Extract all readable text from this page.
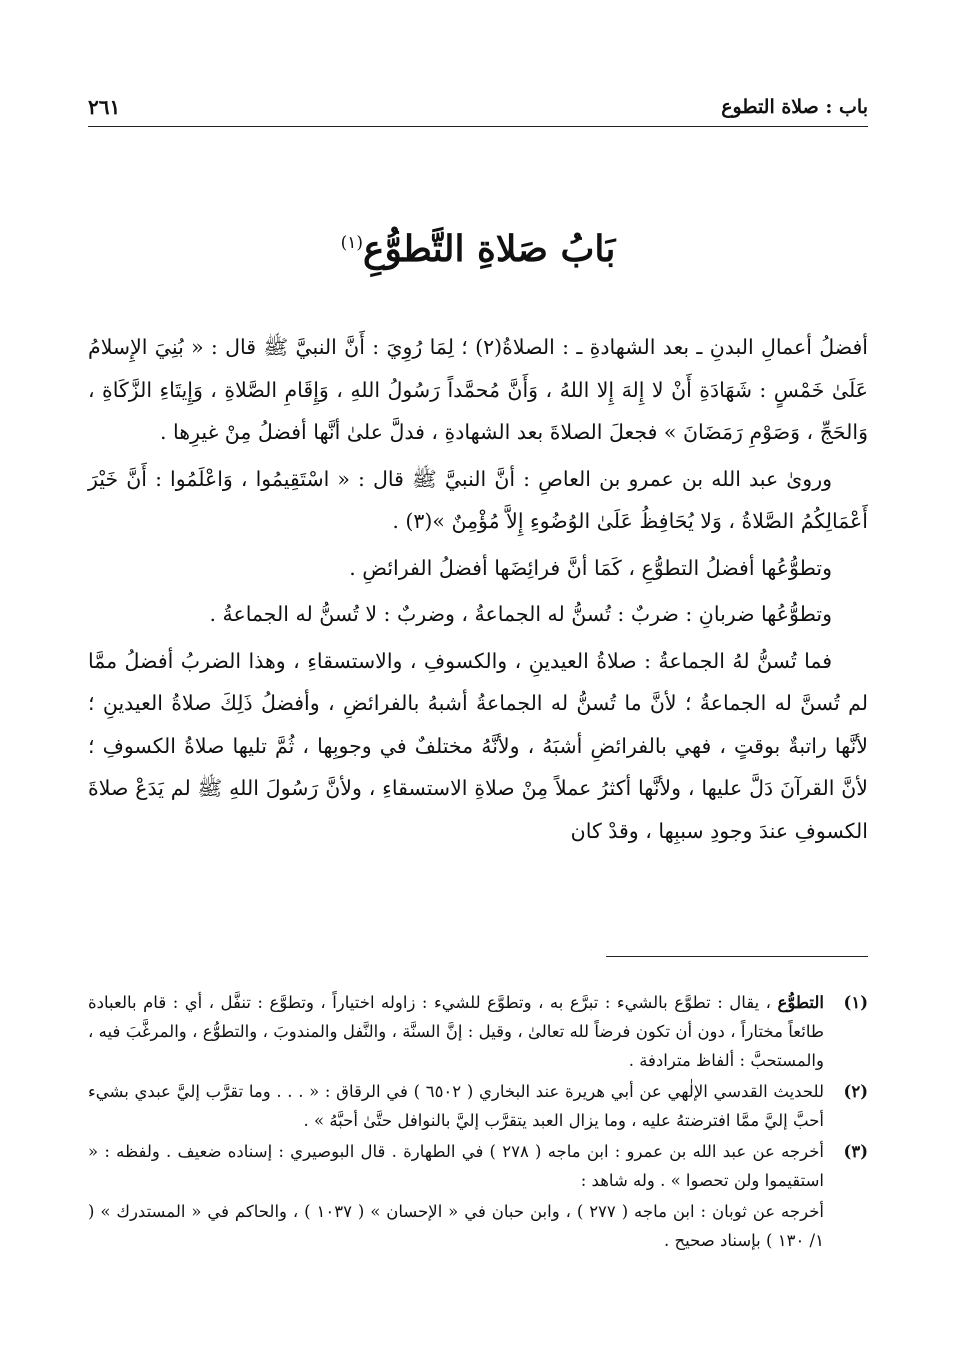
باب : صلاة التطوع
٢٦١
بَابُ صَلاةِ التَّطوُّعِ$^{(١)}$

أفضلُ أعمالِ البدنِ ـ بعد الشهادةِ ـ : الصلاةُ(٢) ؛ لِمَا رُوِيَ : أَنَّ النبيَّ ﷺ قال : « بُنِيَ الإِسلامُ عَلَىٰ خَمْسٍ : شَهَادَةِ أَنْ لا إِلهَ إِلا اللهُ ، وَأَنَّ مُحمَّداً رَسُولُ اللهِ ، وَإِقَامِ الصَّلاةِ ، وَإِيتَاءِ الزَّكَاةِ ، وَالحَجِّ ، وَصَوْمِ رَمَضَانَ » فجعلَ الصلاةَ بعد الشهادةِ ، فدلَّ علىٰ أنَّها أفضلُ مِنْ غيرِها .

وروىٰ عبد الله بن عمرو بن العاصِ : أنَّ النبيَّ ﷺ قال : « اسْتَقِيمُوا ، وَاعْلَمُوا : أَنَّ خَيْرَ أَعْمَالِكُمُ الصَّلاةُ ، وَلا يُحَافِظُ عَلَىٰ الوُضُوءِ إِلاَّ مُؤْمِنٌ »(٣) .

وتطوُّعُها أفضلُ التطوُّعِ ، كَمَا أنَّ فرائِضَها أفضلُ الفرائضِ .

وتطوُّعُها ضربانِ : ضربٌ : تُسنُّ له الجماعةُ ، وضربٌ : لا تُسنُّ له الجماعةُ .

فما تُسنُّ لهُ الجماعةُ : صلاةُ العيدينِ ، والكسوفِ ، والاستسقاءِ ، وهذا الضربُ أفضلُ ممَّا لم تُسنَّ له الجماعةُ ؛ لأنَّ ما تُسنُّ له الجماعةُ أشبهُ بالفرائضِ ، وأفضلُ ذَلِكَ صلاةُ العيدينِ ؛ لأنَّها راتبةٌ بوقتٍ ، فهي بالفرائضِ أشبَهُ ، ولأنَّهُ مختلفٌ في وجوبِها ، ثُمَّ تليها صلاةُ الكسوفِ ؛ لأنَّ القرآنَ دَلَّ عليها ، ولأنَّها أكثرُ عملاً مِنْ صلاةِ الاستسقاءِ ، ولأنَّ رَسُولَ اللهِ ﷺ لم يَدَعْ صلاةَ الكسوفِ عندَ وجودِ سببِها ، وقدْ كان

(١)
التطوُّع ، يقال : تطوَّع بالشيء : تبرَّع به ، وتطوَّع للشيء : زاوله اختياراً ، وتطوَّع : تنفَّل ، أي : قام بالعبادة طائعاً مختاراً ، دون أن تكون فرضاً لله تعالىٰ ، وقيل : إنَّ السنَّة ، والنَّفل والمندوبَ ، والتطوُّع ، والمرغَّبَ فيه ، والمستحبَّ : ألفاظ مترادفة .
(٢)
للحديث القدسي الإلٰهي عن أبي هريرة عند البخاري ( ٦٥٠٢ ) في الرقاق : « . . . وما تقرَّب إليَّ عبدي بشيء أحبَّ إليَّ ممَّا افترضتهُ عليه ، وما يزال العبد يتقرَّب إليَّ بالنوافل حتَّىٰ أحبَّهُ » .
(٣)
أخرجه عن عبد الله بن عمرو : ابن ماجه ( ٢٧٨ ) في الطهارة . قال البوصيري : إسناده ضعيف . ولفظه : « استقيموا ولن تحصوا » . وله شاهد :
أخرجه عن ثوبان : ابن ماجه ( ٢٧٧ ) ، وابن حبان في « الإحسان » ( ١٠٣٧ ) ، والحاكم في « المستدرك » ( ١/ ١٣٠ ) بإسناد صحيح .
